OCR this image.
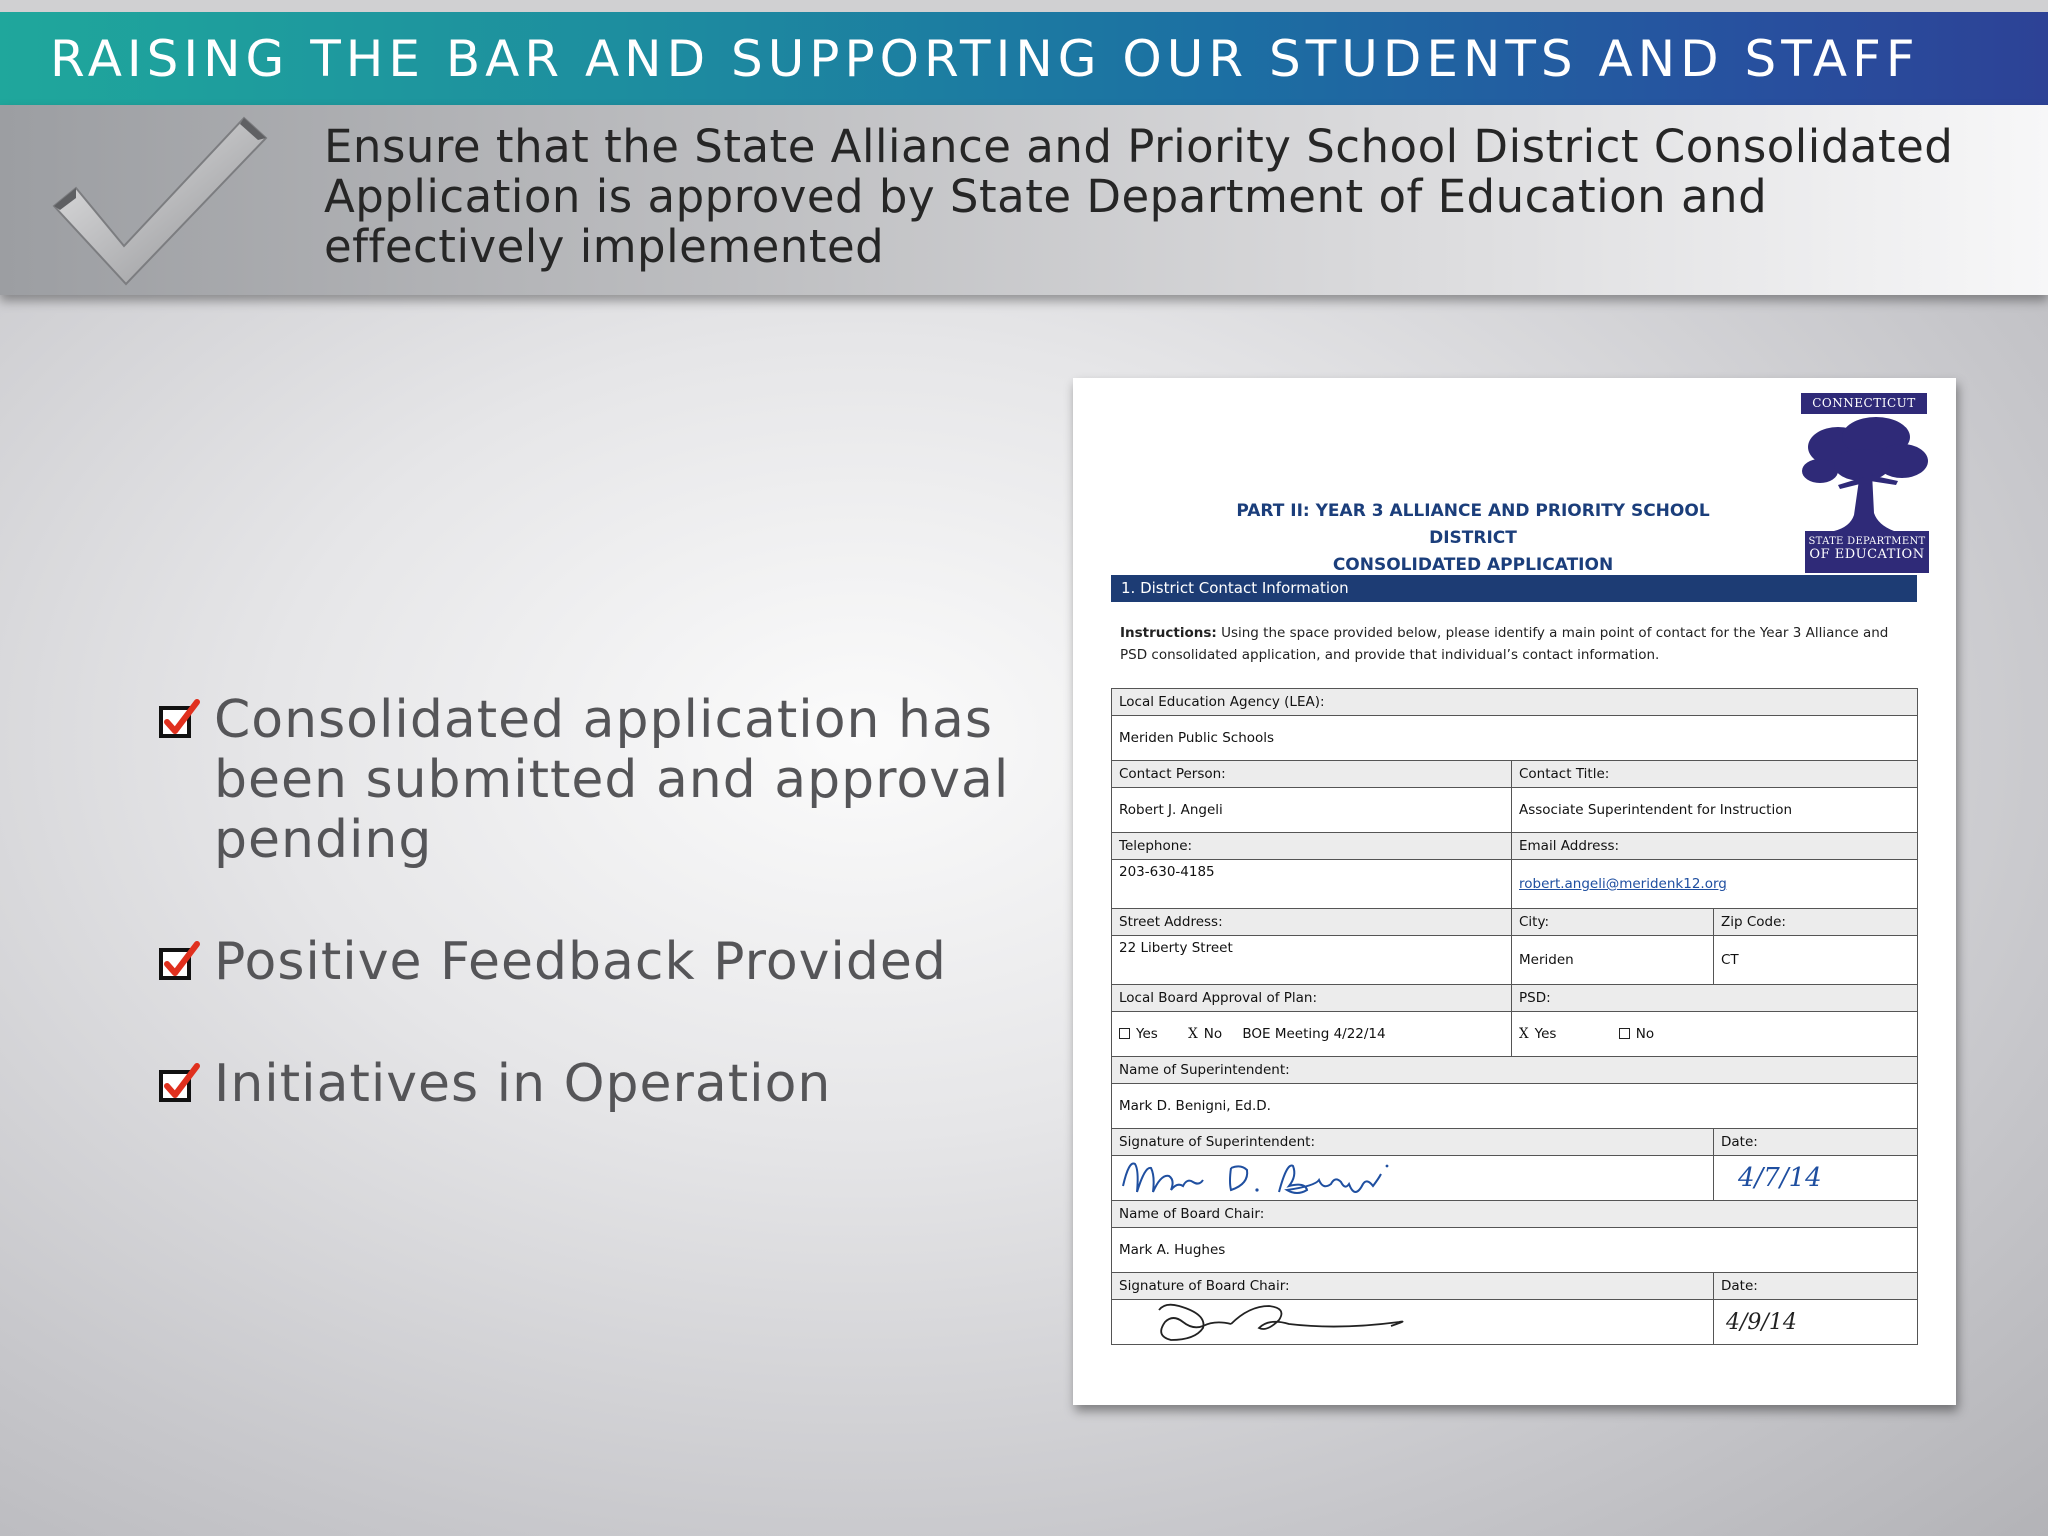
RAISING THE BAR AND SUPPORTING OUR STUDENTS AND STAFF
Ensure that the State Alliance and Priority School District Consolidated Application is approved by State Department of Education and effectively implemented
Consolidated application has been submitted and approval pending
Positive Feedback Provided
Initiatives in Operation
CONNECTICUT
STATE DEPARTMENT
OF EDUCATION
PART II: YEAR 3 ALLIANCE AND PRIORITY SCHOOL DISTRICT
CONSOLIDATED APPLICATION
1. District Contact Information
Instructions: Using the space provided below, please identify a main point of contact for the Year 3 Alliance and PSD consolidated application, and provide that individual’s contact information.
Local Education Agency (LEA):		
Meriden Public Schools		
Contact Person:	Contact Title:	
Robert J. Angeli	Associate Superintendent for Instruction	
Telephone:	Email Address:	
203-630-4185	robert.angeli@meridenk12.org	
Street Address:	City:	Zip Code:
22 Liberty Street	Meriden	CT
Local Board Approval of Plan:	PSD:	
Yes X No BOE Meeting 4/22/14	X Yes No	
Name of Superintendent:		
Mark D. Benigni, Ed.D.		
Signature of Superintendent:		Date:

	4/7/14
Name of Board Chair:		
Mark A. Hughes		
Signature of Board Chair:		Date:

	4/9/14
